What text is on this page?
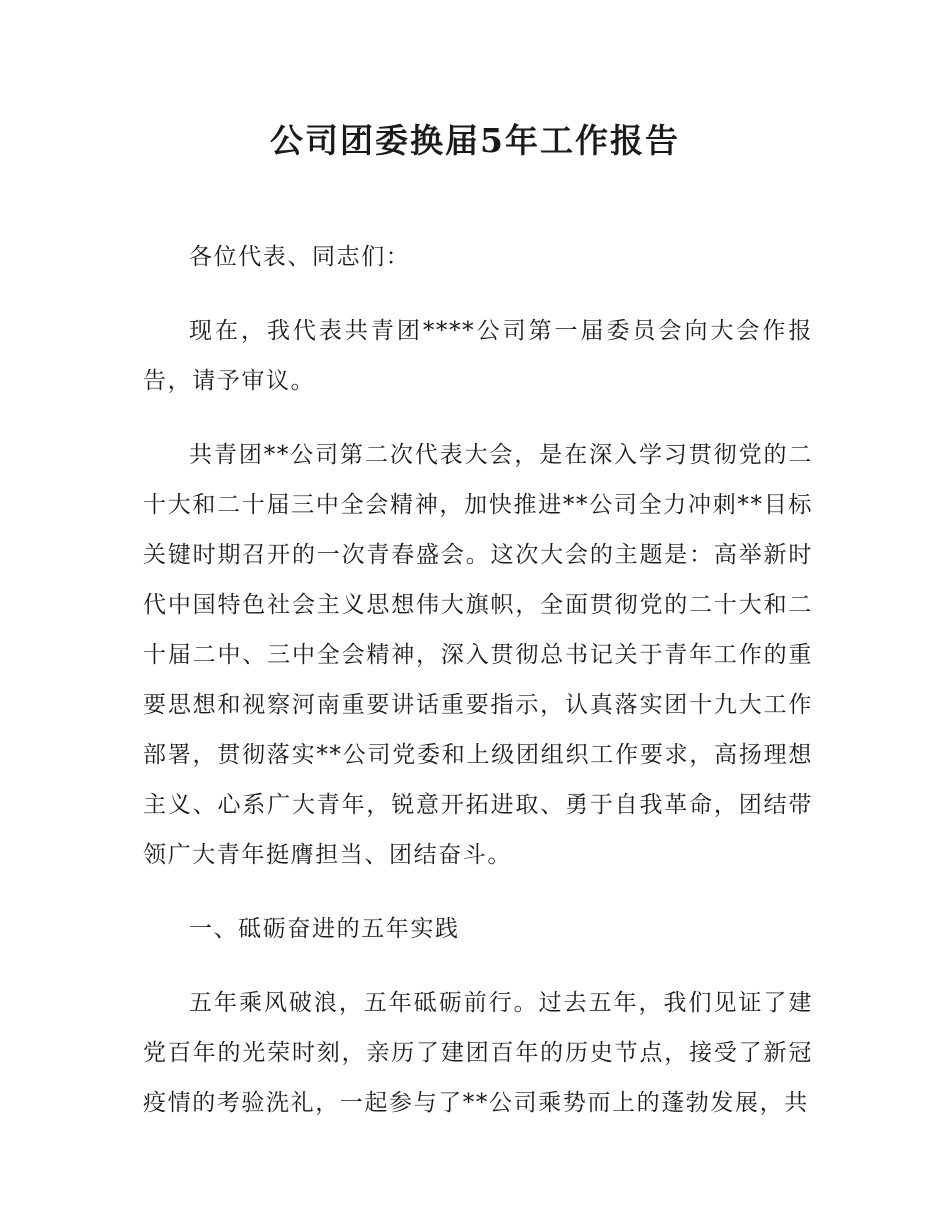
公司团委换届5年工作报告

各位代表、同志们：

现在，我代表共青团****公司第一届委员会向大会作报告，请予审议。

共青团**公司第二次代表大会，是在深入学习贯彻党的二十大和二十届三中全会精神，加快推进**公司全力冲刺**目标关键时期召开的一次青春盛会。这次大会的主题是：高举新时代中国特色社会主义思想伟大旗帜，全面贯彻党的二十大和二十届二中、三中全会精神，深入贯彻总书记关于青年工作的重要思想和视察河南重要讲话重要指示，认真落实团十九大工作部署，贯彻落实**公司党委和上级团组织工作要求，高扬理想主义、心系广大青年，锐意开拓进取、勇于自我革命，团结带领广大青年挺膺担当、团结奋斗。

一、砥砺奋进的五年实践

五年乘风破浪，五年砥砺前行。过去五年，我们见证了建党百年的光荣时刻，亲历了建团百年的历史节点，接受了新冠疫情的考验洗礼，一起参与了**公司乘势而上的蓬勃发展，共
